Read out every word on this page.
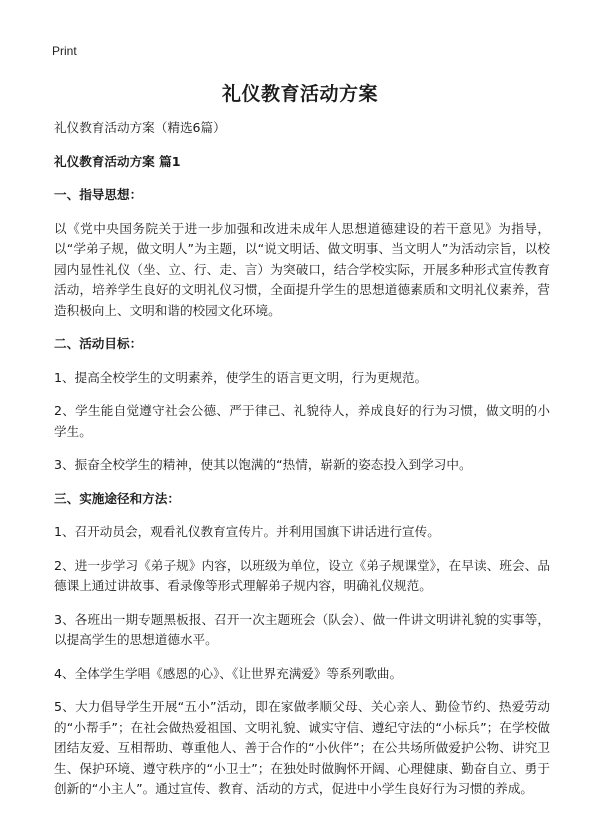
Print
礼仪教育活动方案

礼仪教育活动方案（精选6篇）

礼仪教育活动方案 篇1

一、指导思想：

以《党中央国务院关于进一步加强和改进未成年人思想道德建设的若干意见》为指导，以“学弟子规，做文明人”为主题，以“说文明话、做文明事、当文明人”为活动宗旨，以校园内显性礼仪（坐、立、行、走、言）为突破口，结合学校实际，开展多种形式宣传教育活动，培养学生良好的文明礼仪习惯，全面提升学生的思想道德素质和文明礼仪素养，营造积极向上、文明和谐的校园文化环境。

二、活动目标：

1、提高全校学生的文明素养，使学生的语言更文明，行为更规范。

2、学生能自觉遵守社会公德、严于律己、礼貌待人，养成良好的行为习惯，做文明的小学生。

3、振奋全校学生的精神，使其以饱满的“热情，崭新的姿态投入到学习中。

三、实施途径和方法：

1、召开动员会，观看礼仪教育宣传片。并利用国旗下讲话进行宣传。

2、进一步学习《弟子规》内容，以班级为单位，设立《弟子规课堂》，在早读、班会、品德课上通过讲故事、看录像等形式理解弟子规内容，明确礼仪规范。

3、各班出一期专题黑板报、召开一次主题班会（队会）、做一件讲文明讲礼貌的实事等，以提高学生的思想道德水平。

4、全体学生学唱《感恩的心》、《让世界充满爱》等系列歌曲。

5、大力倡导学生开展“五小”活动，即在家做孝顺父母、关心亲人、勤俭节约、热爱劳动的“小帮手”；在社会做热爱祖国、文明礼貌、诚实守信、遵纪守法的“小标兵”；在学校做团结友爱、互相帮助、尊重他人、善于合作的“小伙伴”；在公共场所做爱护公物、讲究卫生、保护环境、遵守秩序的“小卫士”；在独处时做胸怀开阔、心理健康、勤奋自立、勇于创新的“小主人”。通过宣传、教育、活动的方式，促进中小学生良好行为习惯的养成。
